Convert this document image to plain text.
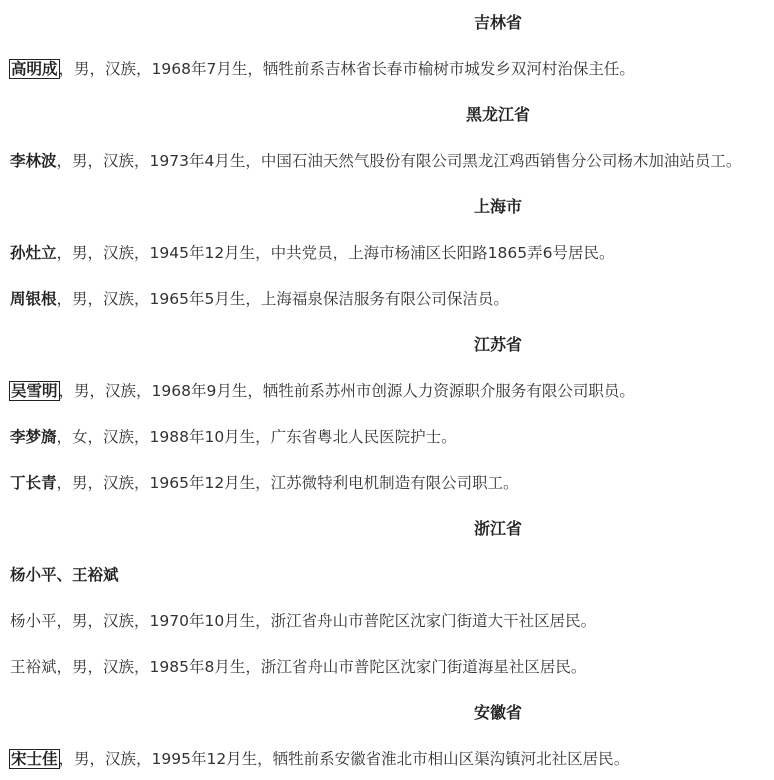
吉林省
高明成，男，汉族，1968年7月生，牺牲前系吉林省长春市榆树市城发乡双河村治保主任。
黑龙江省
李林波，男，汉族，1973年4月生，中国石油天然气股份有限公司黑龙江鸡西销售分公司杨木加油站员工。
上海市
孙灶立，男，汉族，1945年12月生，中共党员，上海市杨浦区长阳路1865弄6号居民。
周银根，男，汉族，1965年5月生，上海福泉保洁服务有限公司保洁员。
江苏省
吴雪明，男，汉族，1968年9月生，牺牲前系苏州市创源人力资源职介服务有限公司职员。
李梦旖，女，汉族，1988年10月生，广东省粤北人民医院护士。
丁长青，男，汉族，1965年12月生，江苏微特利电机制造有限公司职工。
浙江省
杨小平、王裕斌
杨小平，男，汉族，1970年10月生，浙江省舟山市普陀区沈家门街道大干社区居民。
王裕斌，男，汉族，1985年8月生，浙江省舟山市普陀区沈家门街道海星社区居民。
安徽省
宋士佳，男，汉族，1995年12月生，牺牲前系安徽省淮北市相山区渠沟镇河北社区居民。
